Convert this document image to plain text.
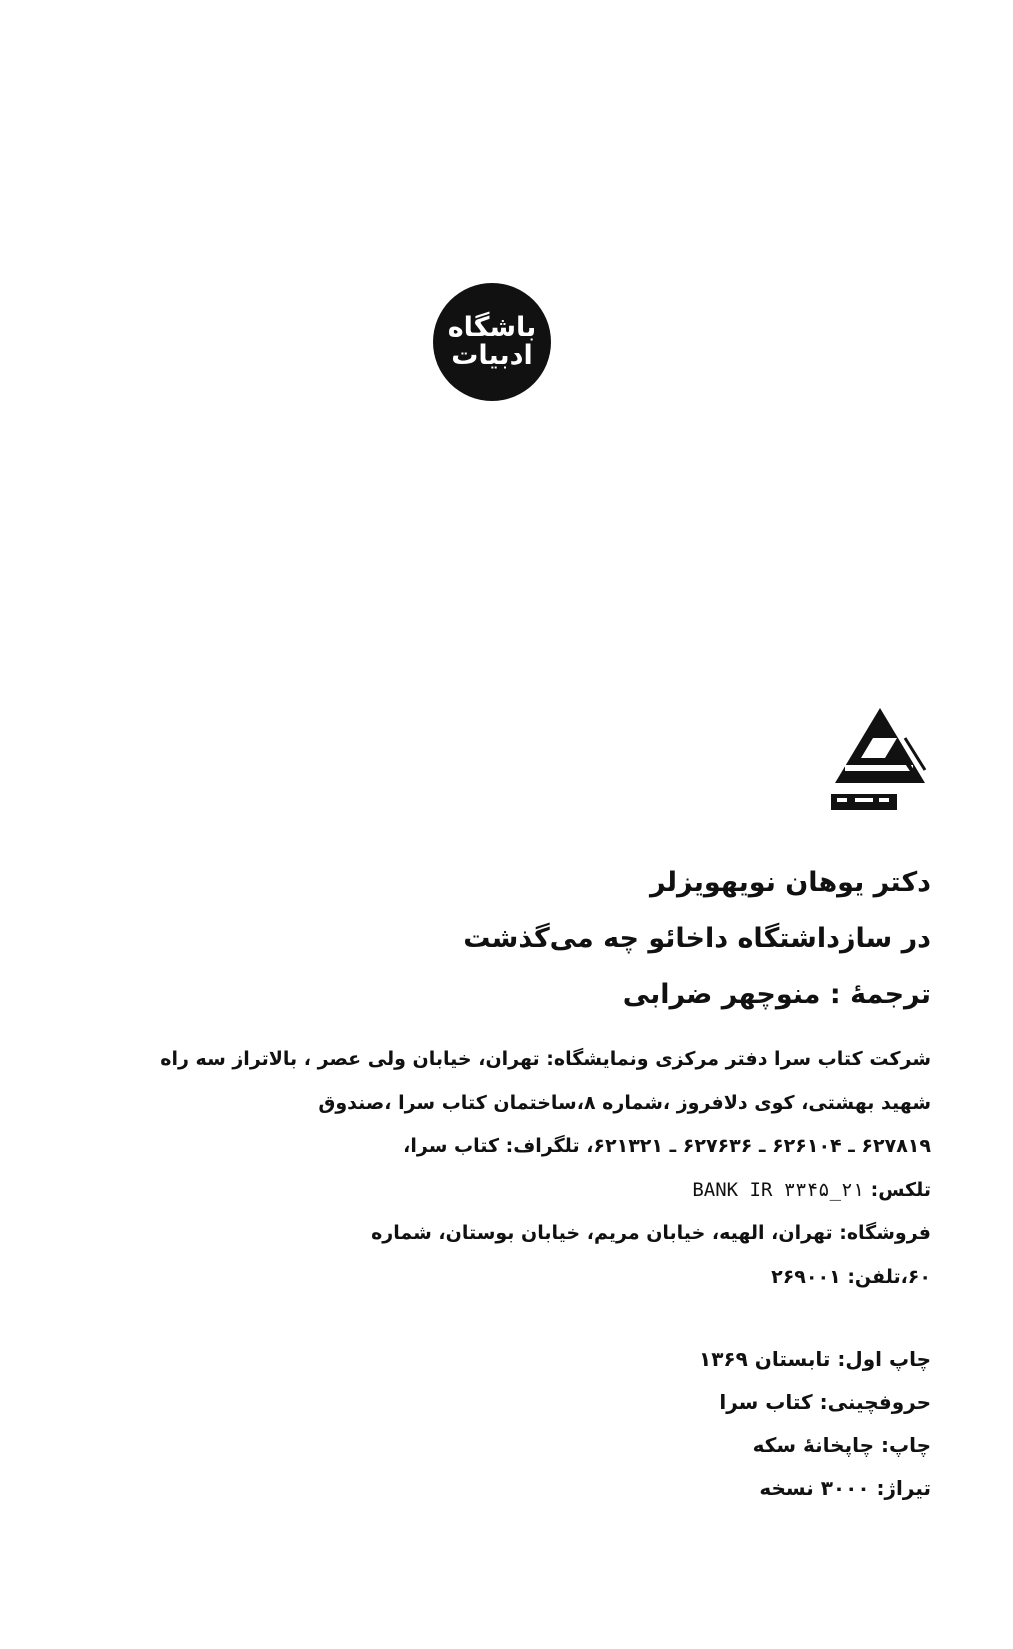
باشگاه
ادبیات
دکتر یوهان نویهویزلر
در سازداشتگاه داخائو چه می‌گذشت
ترجمهٔ : منوچهر ضرابی
شرکت کتاب سرا دفتر مرکزی ونمایشگاه: تهران، خیابان ولی عصر ، بالاتراز سه راه
شهید بهشتی، کوی دلافروز ،شماره ۸،ساختمان کتاب سرا ،صندوق
۶۲۷۸۱۹ ـ ۶۲۶۱۰۴ ـ ۶۲۷۶۳۶ ـ ۶۲۱۳۲۱، تلگراف: کتاب سرا،
تلکس: ۲۱_۳۳۴۵ BANK IR
فروشگاه: تهران، الهیه، خیابان مریم، خیابان بوستان، شماره
۶۰،تلفن: ۲۶۹۰۰۱
چاپ اول: تابستان ۱۳۶۹
حروفچینی: کتاب سرا
چاپ: چاپخانهٔ سکه
تیراژ: ۳۰۰۰ نسخه
